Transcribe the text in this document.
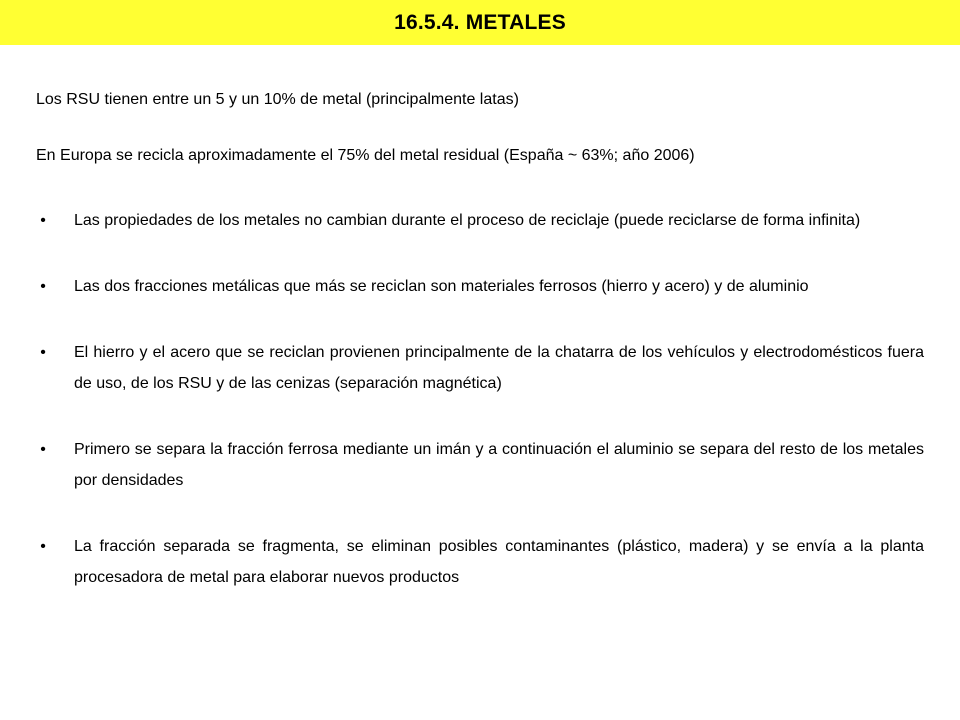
16.5.4. METALES

Los RSU tienen entre un 5 y un 10% de metal (principalmente latas)

En Europa se recicla aproximadamente el 75% del metal residual (España ~ 63%; año 2006)

• Las propiedades de los metales no cambian durante el proceso de reciclaje (puede reciclarse de forma infinita)
• Las dos fracciones metálicas que más se reciclan son materiales ferrosos (hierro y acero) y de aluminio
• El hierro y el acero que se reciclan provienen principalmente de la chatarra de los vehículos y electrodomésticos fuera de uso, de los RSU y de las cenizas (separación magnética)
• Primero se separa la fracción ferrosa mediante un imán y a continuación el aluminio se separa del resto de los metales por densidades
• La fracción separada se fragmenta, se eliminan posibles contaminantes (plástico, madera) y se envía a la planta procesadora de metal para elaborar nuevos productos
